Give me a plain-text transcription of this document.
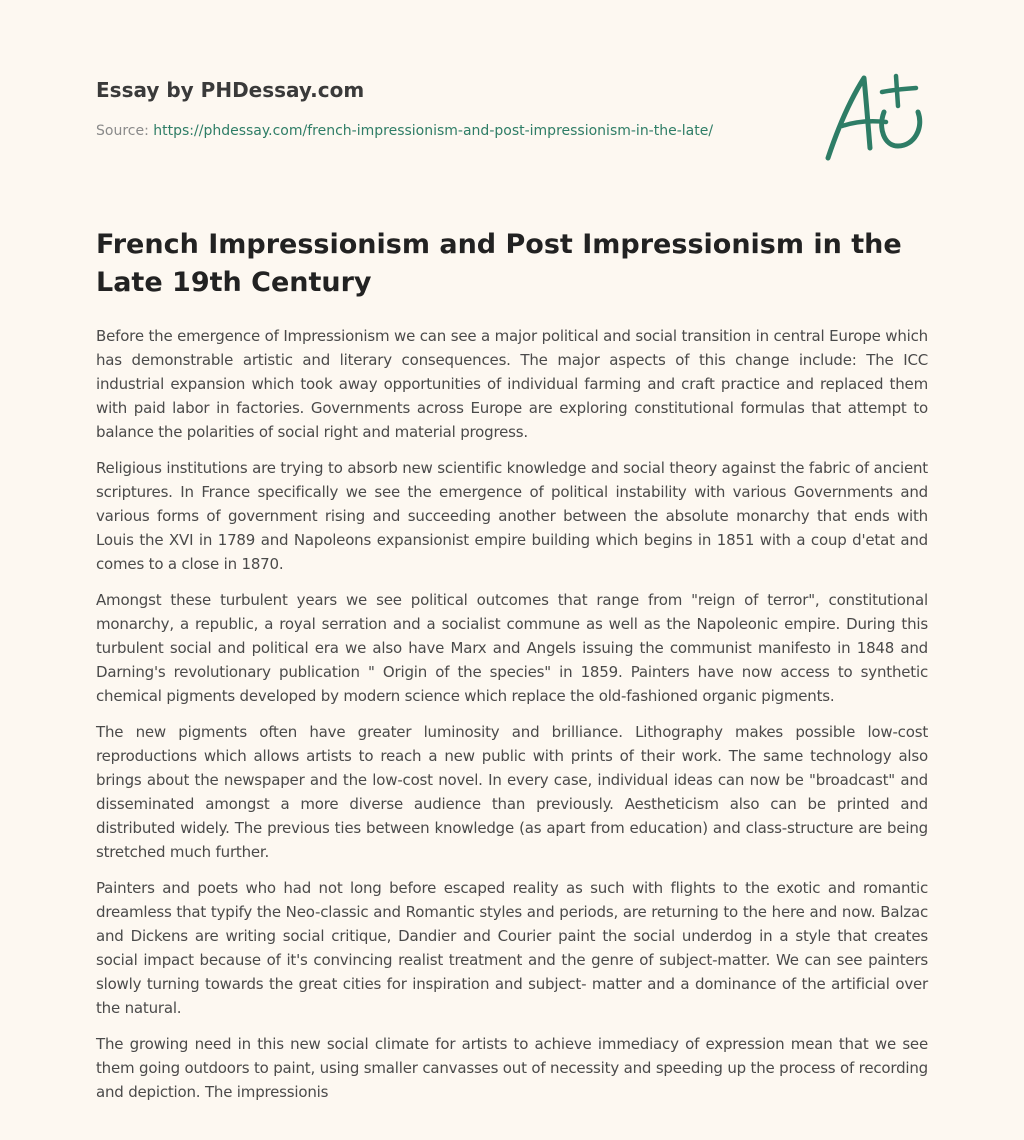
Essay by PHDessay.com
Source: https://phdessay.com/french-impressionism-and-post-impressionism-in-the-late/
French Impressionism and Post Impressionism in the Late 19th Century

Before the emergence of Impressionism we can see a major political and social transition in central Europe which has demonstrable artistic and literary consequences. The major aspects of this change include: The ICC industrial expansion which took away opportunities of individual farming and craft practice and replaced them with paid labor in factories. Governments across Europe are exploring constitutional formulas that attempt to balance the polarities of social right and material progress.

Religious institutions are trying to absorb new scientific knowledge and social theory against the fabric of ancient scriptures. In France specifically we see the emergence of political instability with various Governments and various forms of government rising and succeeding another between the absolute monarchy that ends with Louis the XVI in 1789 and Napoleons expansionist empire building which begins in 1851 with a coup d'etat and comes to a close in 1870.

Amongst these turbulent years we see political outcomes that range from "reign of terror", constitutional monarchy, a republic, a royal serration and a socialist commune as well as the Napoleonic empire. During this turbulent social and political era we also have Marx and Angels issuing the communist manifesto in 1848 and Darning's revolutionary publication " Origin of the species" in 1859. Painters have now access to synthetic chemical pigments developed by modern science which replace the old-fashioned organic pigments.

The new pigments often have greater luminosity and brilliance. Lithography makes possible low-cost reproductions which allows artists to reach a new public with prints of their work. The same technology also brings about the newspaper and the low-cost novel. In every case, individual ideas can now be "broadcast" and disseminated amongst a more diverse audience than previously. Aestheticism also can be printed and distributed widely. The previous ties between knowledge (as apart from education) and class-structure are being stretched much further.

Painters and poets who had not long before escaped reality as such with flights to the exotic and romantic dreamless that typify the Neo-classic and Romantic styles and periods, are returning to the here and now. Balzac and Dickens are writing social critique, Dandier and Courier paint the social underdog in a style that creates social impact because of it's convincing realist treatment and the genre of subject-matter. We can see painters slowly turning towards the great cities for inspiration and subject- matter and a dominance of the artificial over the natural.

The growing need in this new social climate for artists to achieve immediacy of expression mean that we see them going outdoors to paint, using smaller canvasses out of necessity and speeding up the process of recording and depiction. The impressionis
